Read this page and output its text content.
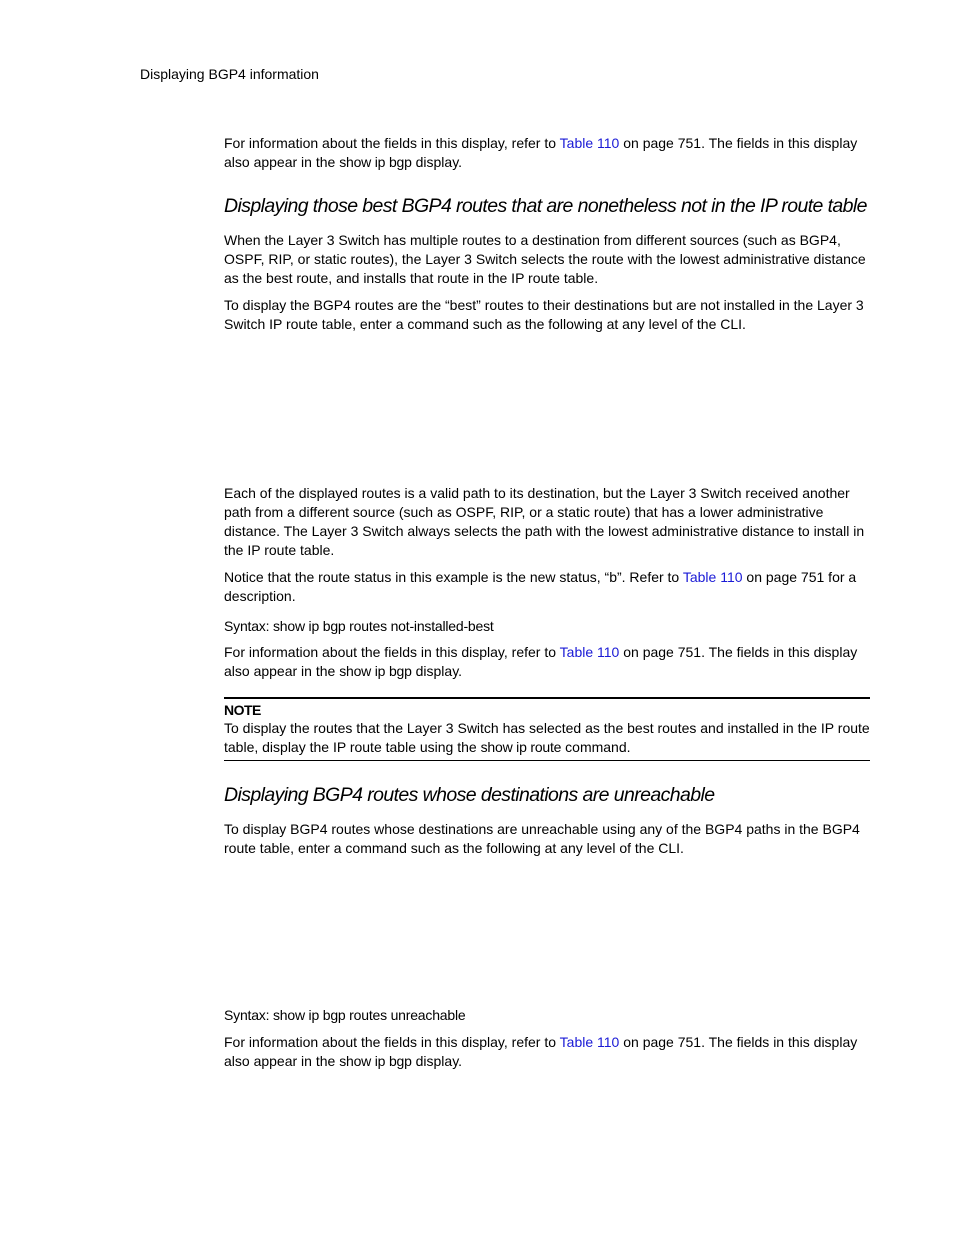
Displaying BGP4 information

For information about the fields in this display, refer to Table 110 on page 751. The fields in this display also appear in the show ip bgp display.

Displaying those best BGP4 routes that are nonetheless not in the IP route table

When the Layer 3 Switch has multiple routes to a destination from different sources (such as BGP4, OSPF, RIP, or static routes), the Layer 3 Switch selects the route with the lowest administrative distance as the best route, and installs that route in the IP route table.

To display the BGP4 routes are the “best” routes to their destinations but are not installed in the Layer 3 Switch IP route table, enter a command such as the following at any level of the CLI.

Each of the displayed routes is a valid path to its destination, but the Layer 3 Switch received another path from a different source (such as OSPF, RIP, or a static route) that has a lower administrative distance. The Layer 3 Switch always selects the path with the lowest administrative distance to install in the IP route table.

Notice that the route status in this example is the new status, “b”. Refer to Table 110 on page 751 for a description.

Syntax: show ip bgp routes not-installed-best

For information about the fields in this display, refer to Table 110 on page 751. The fields in this display also appear in the show ip bgp display.

NOTE
To display the routes that the Layer 3 Switch has selected as the best routes and installed in the IP route table, display the IP route table using the show ip route command.
Displaying BGP4 routes whose destinations are unreachable

To display BGP4 routes whose destinations are unreachable using any of the BGP4 paths in the BGP4 route table, enter a command such as the following at any level of the CLI.

Syntax: show ip bgp routes unreachable

For information about the fields in this display, refer to Table 110 on page 751. The fields in this display also appear in the show ip bgp display.
